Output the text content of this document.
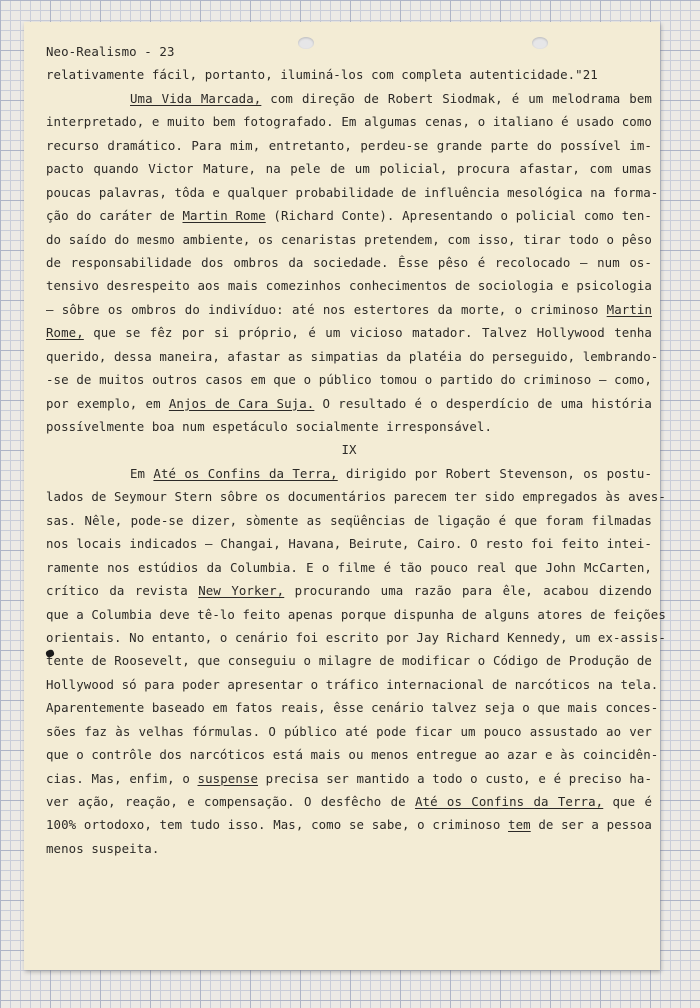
Neo-Realismo - 23
relativamente fácil, portanto, iluminá-los com completa autenticidade."21
Uma Vida Marcada, com direção de Robert Siodmak, é um melodrama bem
interpretado, e muito bem fotografado. Em algumas cenas, o italiano é usado como
recurso dramático. Para mim, entretanto, perdeu-se grande parte do possível im-
pacto quando Victor Mature, na pele de um policial, procura afastar, com umas
poucas palavras, tôda e qualquer probabilidade de influência mesológica na forma-
ção do caráter de Martin Rome (Richard Conte). Apresentando o policial como ten-
do saído do mesmo ambiente, os cenaristas pretendem, com isso, tirar todo o pêso
de responsabilidade dos ombros da sociedade. Êsse pêso é recolocado — num os-
tensivo desrespeito aos mais comezinhos conhecimentos de sociologia e psicologia
— sôbre os ombros do indivíduo: até nos estertores da morte, o criminoso Martin
Rome, que se fêz por si próprio, é um vicioso matador. Talvez Hollywood tenha
querido, dessa maneira, afastar as simpatias da platéia do perseguido, lembrando-
-se de muitos outros casos em que o público tomou o partido do criminoso — como,
por exemplo, em Anjos de Cara Suja. O resultado é o desperdício de uma história
possívelmente boa num espetáculo socialmente irresponsável.
IX
Em Até os Confins da Terra, dirigido por Robert Stevenson, os postu-
lados de Seymour Stern sôbre os documentários parecem ter sido empregados às aves-
sas. Nêle, pode-se dizer, sòmente as seqüências de ligação é que foram filmadas
nos locais indicados — Changai, Havana, Beirute, Cairo. O resto foi feito intei-
ramente nos estúdios da Columbia. E o filme é tão pouco real que John McCarten,
crítico da revista New Yorker, procurando uma razão para êle, acabou dizendo
que a Columbia deve tê-lo feito apenas porque dispunha de alguns atores de feições
orientais. No entanto, o cenário foi escrito por Jay Richard Kennedy, um ex-assis-
tente de Roosevelt, que conseguiu o milagre de modificar o Código de Produção de
Hollywood só para poder apresentar o tráfico internacional de narcóticos na tela.
Aparentemente baseado em fatos reais, êsse cenário talvez seja o que mais conces-
sões faz às velhas fórmulas. O público até pode ficar um pouco assustado ao ver
que o contrôle dos narcóticos está mais ou menos entregue ao azar e às coincidên-
cias. Mas, enfim, o suspense precisa ser mantido a todo o custo, e é preciso ha-
ver ação, reação, e compensação. O desfêcho de Até os Confins da Terra, que é
100% ortodoxo, tem tudo isso. Mas, como se sabe, o criminoso tem de ser a pessoa
menos suspeita.
